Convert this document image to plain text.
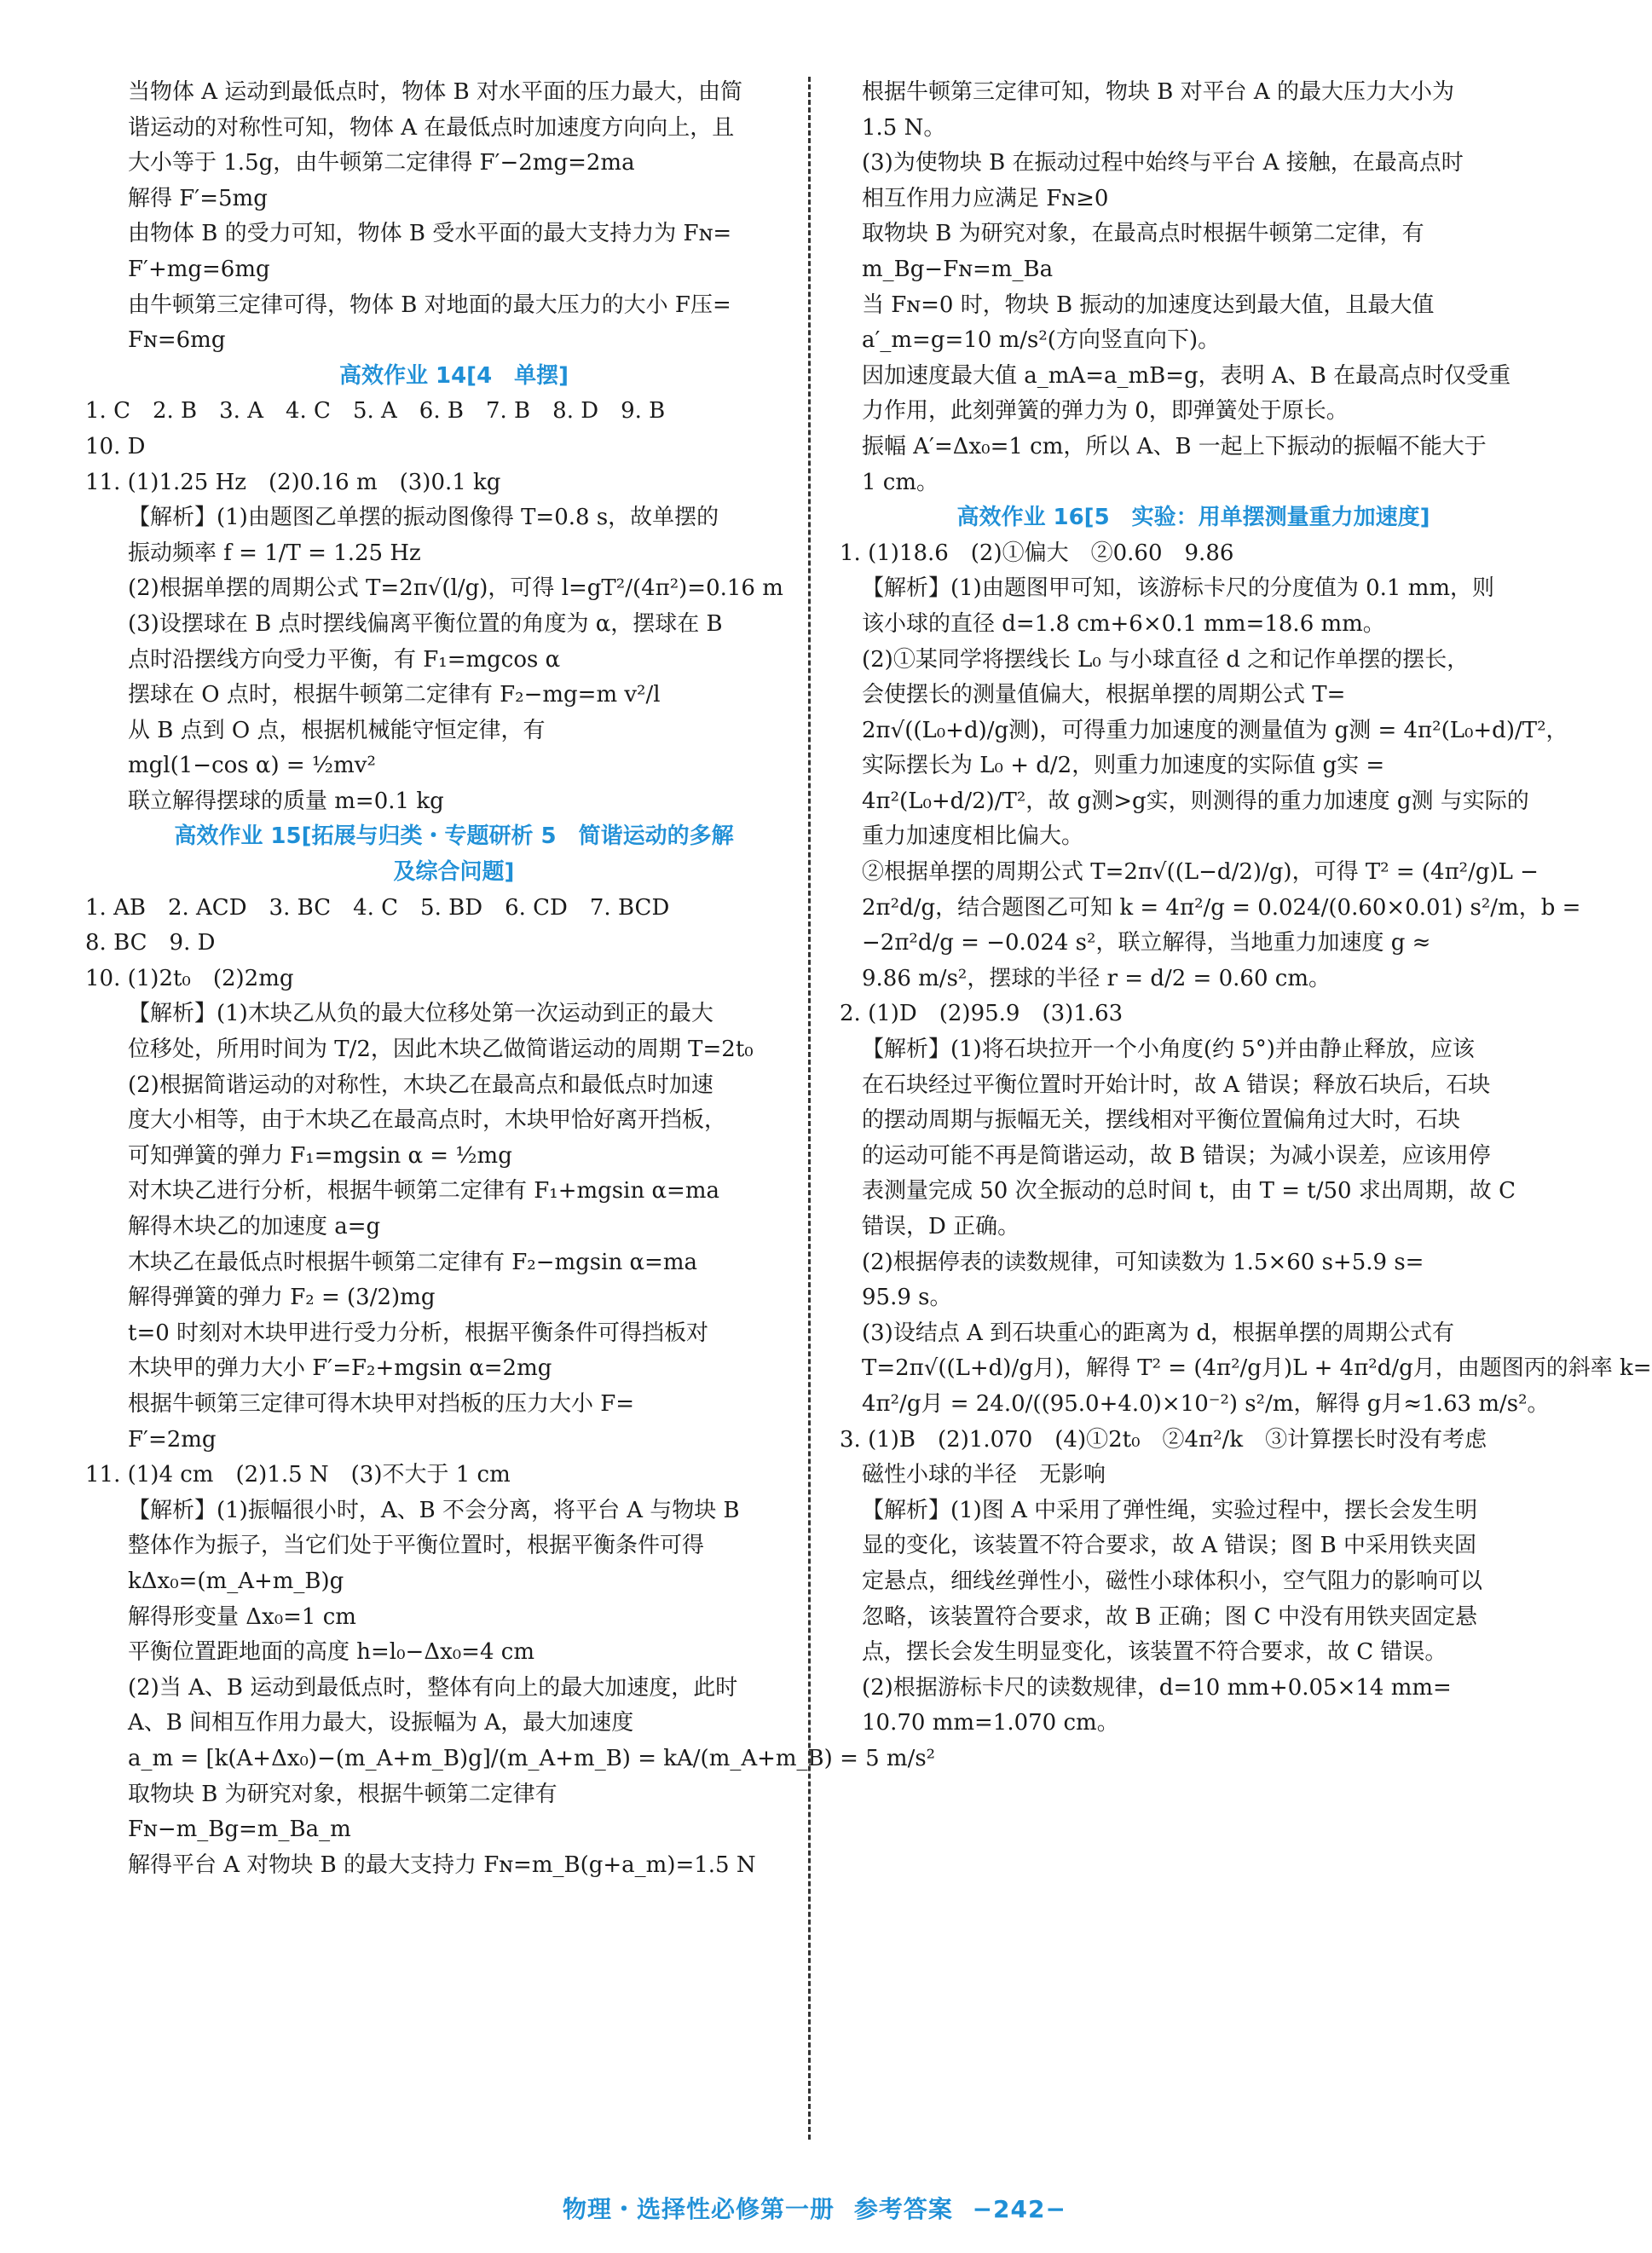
当物体 A 运动到最低点时，物体 B 对水平面的压力最大，由简
谐运动的对称性可知，物体 A 在最低点时加速度方向向上，且
大小等于 1.5g，由牛顿第二定律得 F′−2mg=2ma
解得 F′=5mg
由物体 B 的受力可知，物体 B 受水平面的最大支持力为 Fɴ=
F′+mg=6mg
由牛顿第三定律可得，物体 B 对地面的最大压力的大小 F压=
Fɴ=6mg
高效作业 14[4　单摆]
1. C　2. B　3. A　4. C　5. A　6. B　7. B　8. D　9. B
10. D
11. (1)1.25 Hz　(2)0.16 m　(3)0.1 kg
【解析】(1)由题图乙单摆的振动图像得 T=0.8 s，故单摆的
振动频率 f = 1/T = 1.25 Hz
(2)根据单摆的周期公式 T=2π√(l/g)，可得 l=gT²/(4π²)=0.16 m
(3)设摆球在 B 点时摆线偏离平衡位置的角度为 α，摆球在 B
点时沿摆线方向受力平衡，有 F₁=mgcos α
摆球在 O 点时，根据牛顿第二定律有 F₂−mg=m v²/l
从 B 点到 O 点，根据机械能守恒定律，有
mgl(1−cos α) = ½mv²
联立解得摆球的质量 m=0.1 kg
高效作业 15[拓展与归类・专题研析 5　简谐运动的多解
及综合问题]
1. AB　2. ACD　3. BC　4. C　5. BD　6. CD　7. BCD
8. BC　9. D
10. (1)2t₀　(2)2mg
【解析】(1)木块乙从负的最大位移处第一次运动到正的最大
位移处，所用时间为 T/2，因此木块乙做简谐运动的周期 T=2t₀
(2)根据简谐运动的对称性，木块乙在最高点和最低点时加速
度大小相等，由于木块乙在最高点时，木块甲恰好离开挡板，
可知弹簧的弹力 F₁=mgsin α = ½mg
对木块乙进行分析，根据牛顿第二定律有 F₁+mgsin α=ma
解得木块乙的加速度 a=g
木块乙在最低点时根据牛顿第二定律有 F₂−mgsin α=ma
解得弹簧的弹力 F₂ = (3/2)mg
t=0 时刻对木块甲进行受力分析，根据平衡条件可得挡板对
木块甲的弹力大小 F′=F₂+mgsin α=2mg
根据牛顿第三定律可得木块甲对挡板的压力大小 F=
F′=2mg
11. (1)4 cm　(2)1.5 N　(3)不大于 1 cm
【解析】(1)振幅很小时，A、B 不会分离，将平台 A 与物块 B
整体作为振子，当它们处于平衡位置时，根据平衡条件可得
kΔx₀=(m_A+m_B)g
解得形变量 Δx₀=1 cm
平衡位置距地面的高度 h=l₀−Δx₀=4 cm
(2)当 A、B 运动到最低点时，整体有向上的最大加速度，此时
A、B 间相互作用力最大，设振幅为 A，最大加速度
a_m = [k(A+Δx₀)−(m_A+m_B)g]/(m_A+m_B) = kA/(m_A+m_B) = 5 m/s²
取物块 B 为研究对象，根据牛顿第二定律有
Fɴ−m_Bg=m_Ba_m
解得平台 A 对物块 B 的最大支持力 Fɴ=m_B(g+a_m)=1.5 N
根据牛顿第三定律可知，物块 B 对平台 A 的最大压力大小为
1.5 N。
(3)为使物块 B 在振动过程中始终与平台 A 接触，在最高点时
相互作用力应满足 Fɴ≥0
取物块 B 为研究对象，在最高点时根据牛顿第二定律，有
m_Bg−Fɴ=m_Ba
当 Fɴ=0 时，物块 B 振动的加速度达到最大值，且最大值
a′_m=g=10 m/s²(方向竖直向下)。
因加速度最大值 a_mA=a_mB=g，表明 A、B 在最高点时仅受重
力作用，此刻弹簧的弹力为 0，即弹簧处于原长。
振幅 A′=Δx₀=1 cm，所以 A、B 一起上下振动的振幅不能大于
1 cm。
高效作业 16[5　实验：用单摆测量重力加速度]
1. (1)18.6　(2)①偏大　②0.60　9.86
【解析】(1)由题图甲可知，该游标卡尺的分度值为 0.1 mm，则
该小球的直径 d=1.8 cm+6×0.1 mm=18.6 mm。
(2)①某同学将摆线长 L₀ 与小球直径 d 之和记作单摆的摆长，
会使摆长的测量值偏大，根据单摆的周期公式 T=
2π√((L₀+d)/g测)，可得重力加速度的测量值为 g测 = 4π²(L₀+d)/T²，
实际摆长为 L₀ + d/2，则重力加速度的实际值 g实 =
4π²(L₀+d/2)/T²，故 g测>g实，则测得的重力加速度 g测 与实际的
重力加速度相比偏大。
②根据单摆的周期公式 T=2π√((L−d/2)/g)，可得 T² = (4π²/g)L −
2π²d/g，结合题图乙可知 k = 4π²/g = 0.024/(0.60×0.01) s²/m，b =
−2π²d/g = −0.024 s²，联立解得，当地重力加速度 g ≈
9.86 m/s²，摆球的半径 r = d/2 = 0.60 cm。
2. (1)D　(2)95.9　(3)1.63
【解析】(1)将石块拉开一个小角度(约 5°)并由静止释放，应该
在石块经过平衡位置时开始计时，故 A 错误；释放石块后，石块
的摆动周期与振幅无关，摆线相对平衡位置偏角过大时，石块
的运动可能不再是简谐运动，故 B 错误；为减小误差，应该用停
表测量完成 50 次全振动的总时间 t，由 T = t/50 求出周期，故 C
错误，D 正确。
(2)根据停表的读数规律，可知读数为 1.5×60 s+5.9 s=
95.9 s。
(3)设结点 A 到石块重心的距离为 d，根据单摆的周期公式有
T=2π√((L+d)/g月)，解得 T² = (4π²/g月)L + 4π²d/g月，由题图丙的斜率 k=
4π²/g月 = 24.0/((95.0+4.0)×10⁻²) s²/m，解得 g月≈1.63 m/s²。
3. (1)B　(2)1.070　(4)①2t₀　②4π²/k　③计算摆长时没有考虑
磁性小球的半径　无影响
【解析】(1)图 A 中采用了弹性绳，实验过程中，摆长会发生明
显的变化，该装置不符合要求，故 A 错误；图 B 中采用铁夹固
定悬点，细线丝弹性小，磁性小球体积小，空气阻力的影响可以
忽略，该装置符合要求，故 B 正确；图 C 中没有用铁夹固定悬
点，摆长会发生明显变化，该装置不符合要求，故 C 错误。
(2)根据游标卡尺的读数规律，d=10 mm+0.05×14 mm=
10.70 mm=1.070 cm。
物理・选择性必修第一册 参考答案 −242−
